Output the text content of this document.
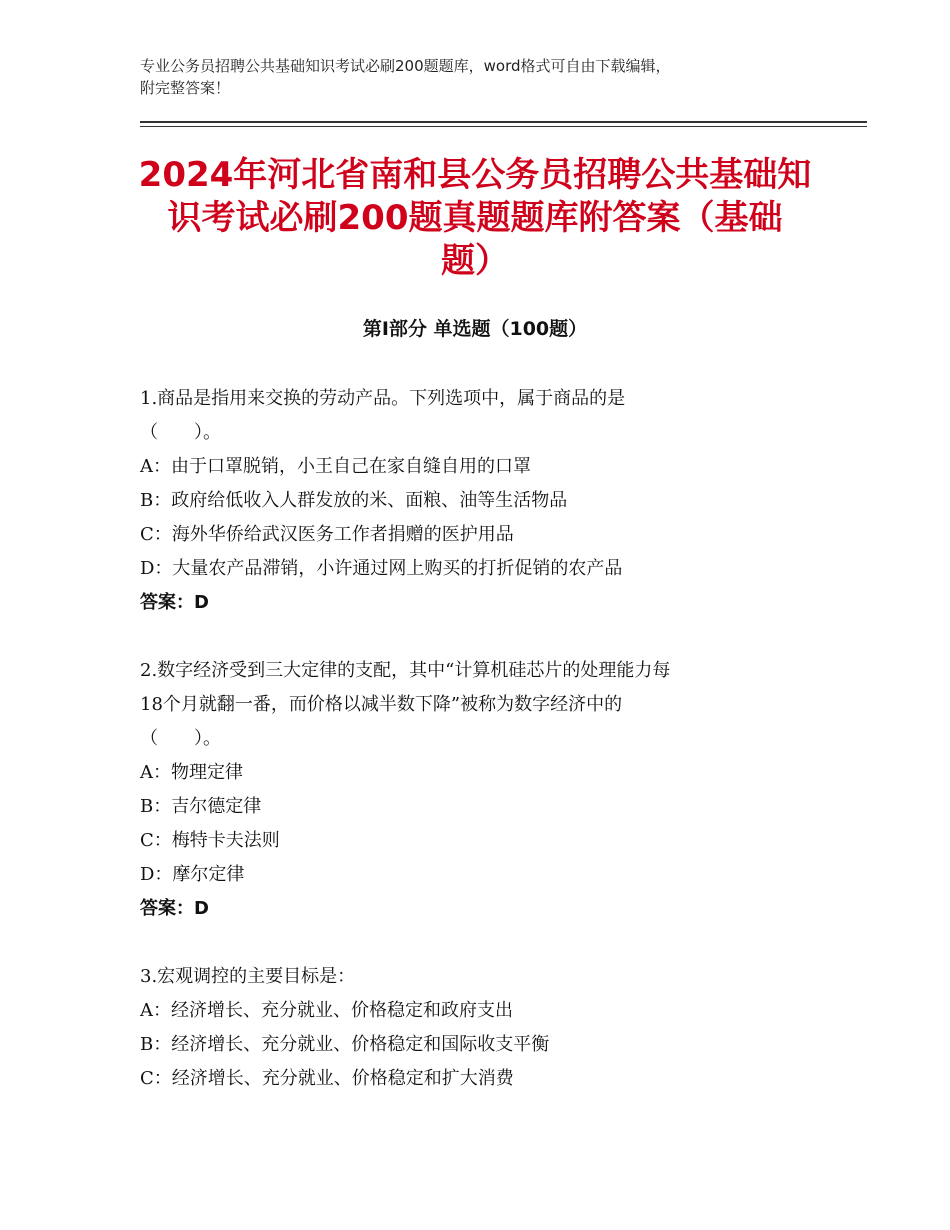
专业公务员招聘公共基础知识考试必刷200题题库，word格式可自由下载编辑，
附完整答案！
2024年河北省南和县公务员招聘公共基础知
识考试必刷200题真题题库附答案（基础
题）
第Ⅰ部分 单选题（100题）
1.商品是指用来交换的劳动产品。下列选项中，属于商品的是
（　　）。
A：由于口罩脱销，小王自己在家自缝自用的口罩
B：政府给低收入人群发放的米、面粮、油等生活物品
C：海外华侨给武汉医务工作者捐赠的医护用品
D：大量农产品滞销，小许通过网上购买的打折促销的农产品
答案：D
2.数字经济受到三大定律的支配，其中“计算机硅芯片的处理能力每
18个月就翻一番，而价格以减半数下降”被称为数字经济中的
（　　）。
A：物理定律
B：吉尔德定律
C：梅特卡夫法则
D：摩尔定律
答案：D
3.宏观调控的主要目标是：
A：经济增长、充分就业、价格稳定和政府支出
B：经济增长、充分就业、价格稳定和国际收支平衡
C：经济增长、充分就业、价格稳定和扩大消费
